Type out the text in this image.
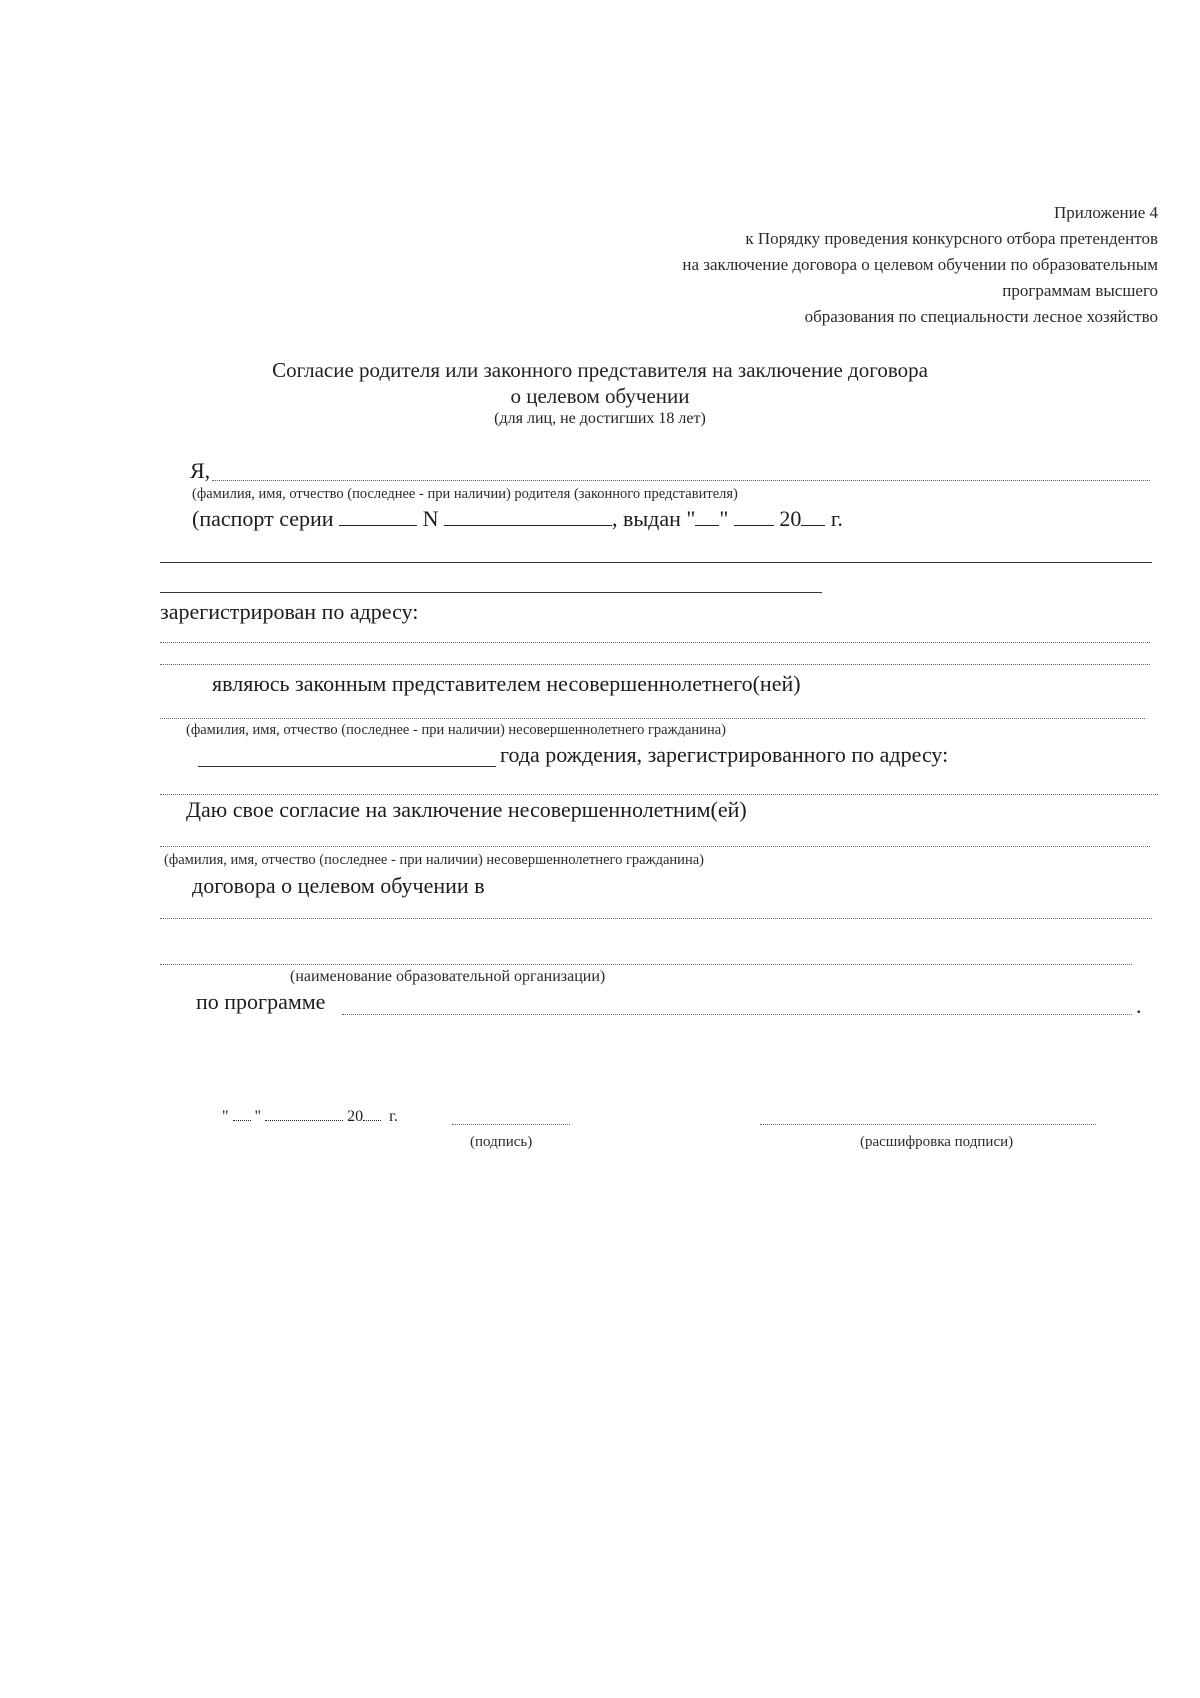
Приложение 4
к Порядку проведения конкурсного отбора претендентов
на заключение договора о целевом обучении по образовательным
программам высшего
образования по специальности лесное хозяйство
Согласие родителя или законного представителя на заключение договора
о целевом обучении
(для лиц, не достигших 18 лет)
Я,
(фамилия, имя, отчество (последнее - при наличии) родителя (законного представителя)
(паспорт серии	N	, выдан " " 20 г.
зарегистрирован по адресу:
являюсь законным представителем несовершеннолетнего(ней)
(фамилия, имя, отчество (последнее - при наличии) несовершеннолетнего гражданина)
года рождения, зарегистрированного по адресу:
Даю свое согласие на заключение несовершеннолетним(ей)
(фамилия, имя, отчество (последнее - при наличии) несовершеннолетнего гражданина)
договора о целевом обучении в
(наименование образовательной организации)
по программе	.
" "	20 г.
(подпись)	(расшифровка подписи)
